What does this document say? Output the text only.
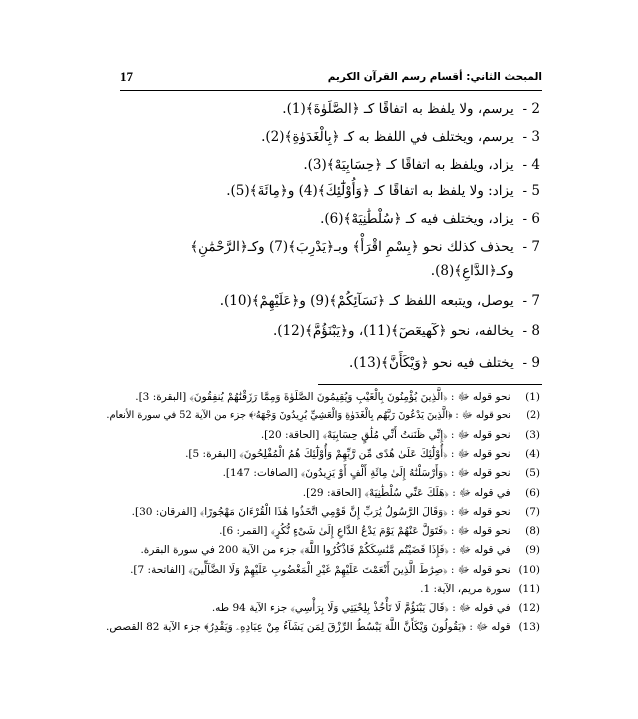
المبحث الثاني: أقسام رسم القرآن الكريم
17
2 - يرسم، ولا يلفظ به اتفاقًا كـ ﴿الصَّلَوٰةَ﴾(1).
3 - يرسم، ويختلف في اللفظ به كـ ﴿بِالْغَدَوٰةِ﴾(2).
4 - يزاد، ويلفظ به اتفاقًا كـ ﴿حِسَابِيَهْ﴾(3).
5 - يزاد: ولا يلفظ به اتفاقًا كـ ﴿وَأُوْلَٰٓئِكَ﴾(4) و﴿مِائَةَ﴾(5).
6 - يزاد، ويختلف فيه كـ ﴿سُلْطَٰنِيَهْ﴾(6).
7 - يحذف كذلك نحو ﴿بِسْمِ اقْرَأْ﴾ وبـ﴿يَدْرِبَ﴾(7) وكـ﴿الرَّحْمَٰنِ﴾
وكـ﴿الدَّاعِ﴾(8).
7 - يوصل، ويتبعه اللفظ كـ ﴿نَسَآئِكُمْ﴾(9) و﴿عَلَيْهِمْ﴾(10).
8 - يخالفه، نحو ﴿كٓهيعٓصٓ﴾(11)، و﴿يَبْنَؤُمَّ﴾(12).
9 - يختلف فيه نحو ﴿وَيْكَأَنَّ﴾(13).
(1) نحو قوله ﷻ : ﴿الَّذِينَ يُؤْمِنُونَ بِالْغَيْبِ وَيُقِيمُونَ الصَّلَوٰةَ وَمِمَّا رَزَقْنَٰهُمْ يُنفِقُونَ﴾ [البقرة: 3].
(2) نحو قوله ﷻ : ﴿الَّذِينَ يَدْعُونَ رَبَّهُم بِالْغَدَوٰةِ وَالْعَشِيِّ يُرِيدُونَ وَجْهَهُۥ﴾ جزء من الآية 52 في سورة الأنعام.
(3) نحو قوله ﷻ : ﴿إِنِّي ظَنَنتُ أَنِّي مُلَٰقٍ حِسَابِيَهْ﴾ [الحاقة: 20].
(4) نحو قوله ﷻ : ﴿أُوْلَٰٓئِكَ عَلَىٰ هُدًى مِّن رَّبِّهِمْ وَأُوْلَٰٓئِكَ هُمُ الْمُفْلِحُونَ﴾ [البقرة: 5].
(5) نحو قوله ﷻ : ﴿وَأَرْسَلْنَٰهُ إِلَىٰ مِائَةِ أَلْفٍ أَوْ يَزِيدُونَ﴾ [الصافات: 147].
(6) في قوله ﷻ : ﴿هَلَكَ عَنِّي سُلْطَٰنِيَهْ﴾ [الحاقة: 29].
(7) نحو قوله ﷻ : ﴿وَقَالَ الرَّسُولُ يَٰرَبِّ إِنَّ قَوْمِي اتَّخَذُوا هَٰذَا الْقُرْءَانَ مَهْجُورًا﴾ [الفرقان: 30].
(8) نحو قوله ﷻ : ﴿فَتَوَلَّ عَنْهُمْ يَوْمَ يَدْعُ الدَّاعِ إِلَىٰ شَىْءٍ نُّكُرٍ﴾ [القمر: 6].
(9) في قوله ﷻ : ﴿فَإِذَا قَضَيْتُم مَّنَٰسِكَكُمْ فَاذْكُرُوا اللَّهَ﴾ جزء من الآية 200 في سورة البقرة.
(10) نحو قوله ﷻ : ﴿صِرَٰطَ الَّذِينَ أَنْعَمْتَ عَلَيْهِمْ غَيْرِ الْمَغْضُوبِ عَلَيْهِمْ وَلَا الضَّآلِّينَ﴾ [الفاتحة: 7].
(11) سورة مريم، الآية: 1.
(12) في قوله ﷻ : ﴿قَالَ يَبْنَؤُمَّ لَا تَأْخُذْ بِلِحْيَتِي وَلَا بِرَأْسِي﴾ جزء الآية 94 طه.
(13) قوله ﷻ : ﴿يَقُولُونَ وَيْكَأَنَّ اللَّهَ يَبْسُطُ الرِّزْقَ لِمَن يَشَآءُ مِنْ عِبَادِهِۦ وَيَقْدِرُ﴾ جزء الآية 82 القصص.
